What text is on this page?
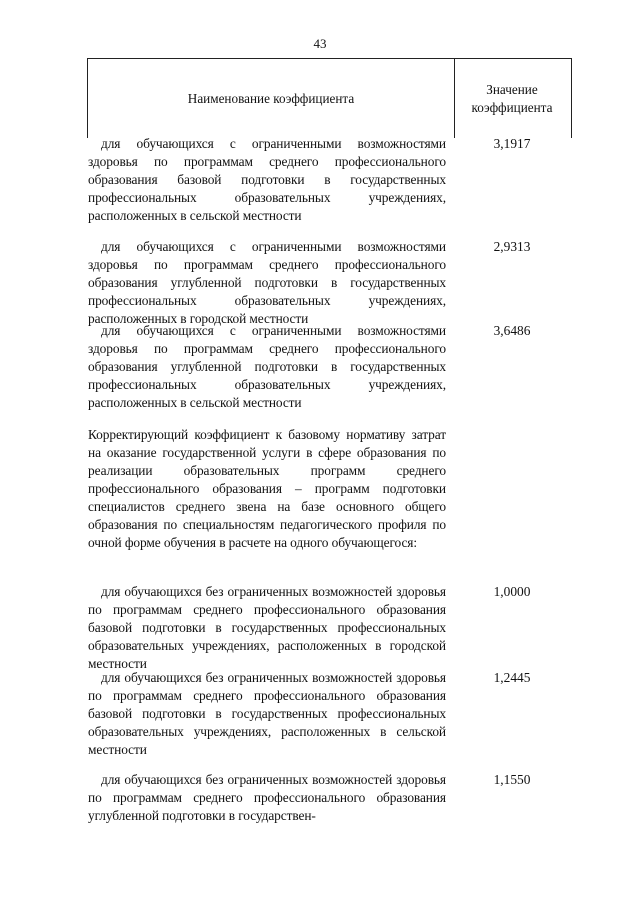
43
Наименование коэффициента
Значение
коэффициента
для обучающихся с ограниченными возможностями здоровья по программам среднего профессионального образования базовой подготовки в государственных профессиональных образовательных учреждениях, расположенных в сельской местности
3,1917
для обучающихся с ограниченными возможностями здоровья по программам среднего профессионального образования углубленной подготовки в государственных профессиональных образовательных учреждениях, расположенных в городской местности
2,9313
для обучающихся с ограниченными возможностями здоровья по программам среднего профессионального образования углубленной подготовки в государственных профессиональных образовательных учреждениях, расположенных в сельской местности
3,6486
Корректирующий коэффициент к базовому нормативу затрат на оказание государственной услуги в сфере образования по реализации образовательных программ среднего профессионального образования – программ подготовки специалистов среднего звена на базе основного общего образования по специальностям педагогического профиля по очной форме обучения в расчете на одного обучающегося:
для обучающихся без ограниченных возможностей здоровья по программам среднего профессионального образования базовой подготовки в государственных профессиональных образовательных учреждениях, расположенных в городской местности
1,0000
для обучающихся без ограниченных возможностей здоровья по программам среднего профессионального образования базовой подготовки в государственных профессиональных образовательных учреждениях, расположенных в сельской местности
1,2445
для обучающихся без ограниченных возможностей здоровья по программам среднего профессионального образования углубленной подготовки в государствен-
1,1550
